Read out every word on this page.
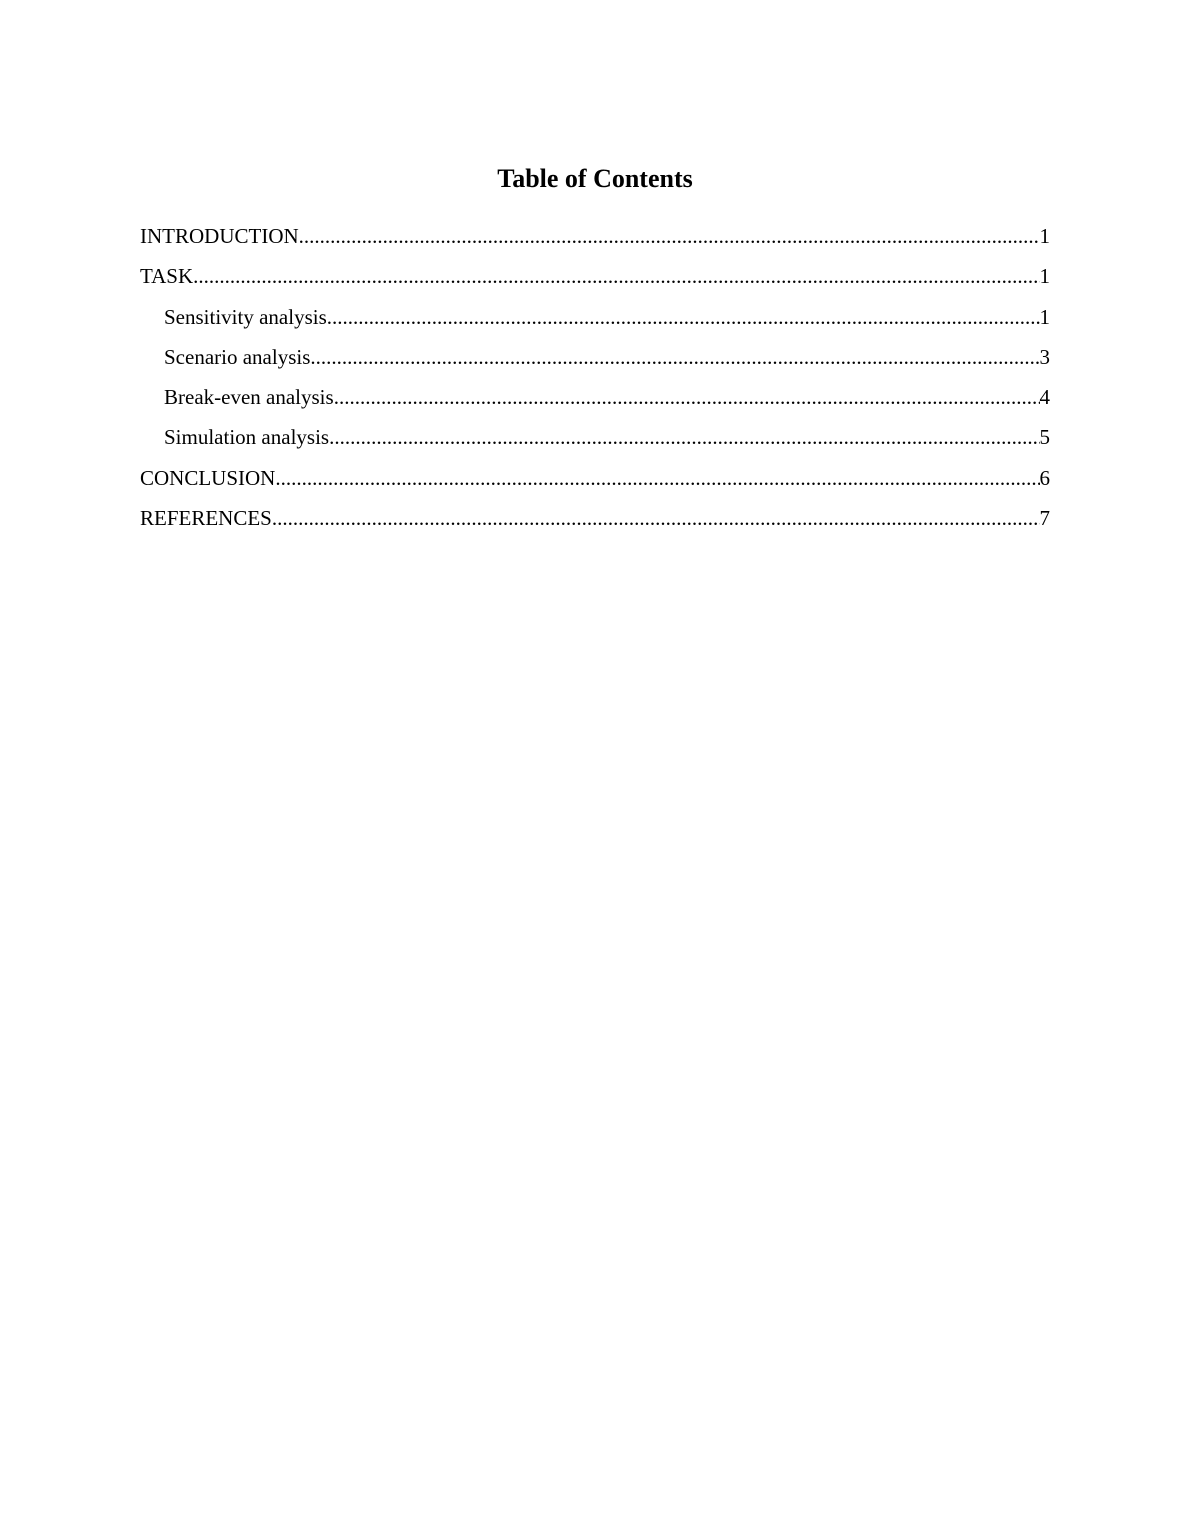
Table of Contents
INTRODUCTION .....	1
TASK .....	1
Sensitivity analysis .....	1
Scenario analysis .....	3
Break-even analysis .....	4
Simulation analysis .....	5
CONCLUSION .....	6
REFERENCES .....	7
